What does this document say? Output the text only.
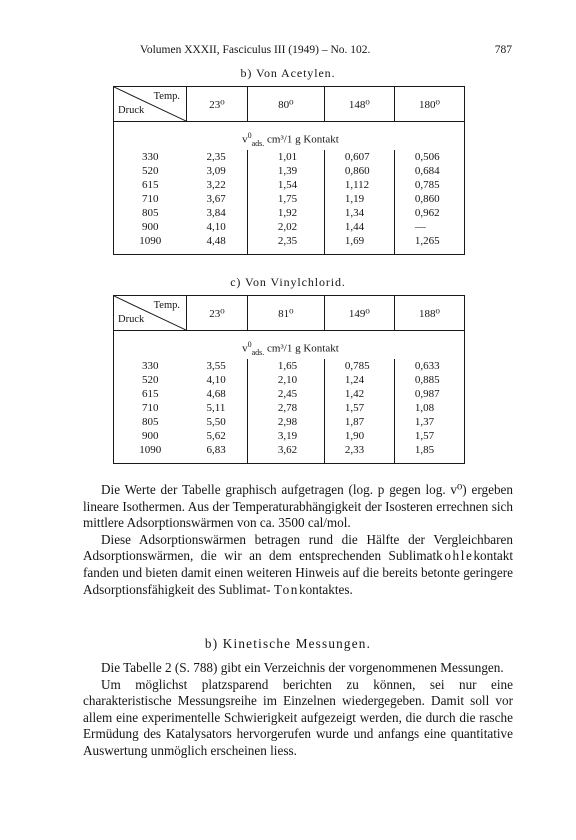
Volumen XXXII, Fasciculus III (1949) – No. 102.	787
b) Von Acetylen.
Temp.
Druck	23⁰	80⁰	148⁰	180⁰
	$v^0_{ads.}$ cm³/1 g Kontakt			
330	2,35	1,01	0,607	0,506
520	3,09	1,39	0,860	0,684
615	3,22	1,54	1,112	0,785
710	3,67	1,75	1,19	0,860
805	3,84	1,92	1,34	0,962
900	4,10	2,02	1,44	—
1090	4,48	2,35	1,69	1,265
c) Von Vinylchlorid.
Temp.
Druck	23⁰	81⁰	149⁰	188⁰
	$v^0_{ads.}$ cm³/1 g Kontakt			
330	3,55	1,65	0,785	0,633
520	4,10	2,10	1,24	0,885
615	4,68	2,45	1,42	0,987
710	5,11	2,78	1,57	1,08
805	5,50	2,98	1,87	1,37
900	5,62	3,19	1,90	1,57
1090	6,83	3,62	2,33	1,85

Die Werte der Tabelle graphisch aufgetragen (log. p gegen log. v⁰) ergeben lineare Isothermen. Aus der Temperaturabhängigkeit der Isosteren errechnen sich mittlere Adsorptionswärmen von ca. 3500 cal/mol.

Diese Adsorptionswärmen betragen rund die Hälfte der Vergleichbaren Adsorptionswärmen, die wir an dem entsprechenden Sublimatkohlekontakt fanden und bieten damit einen weiteren Hinweis auf die bereits betonte geringere Adsorptionsfähigkeit des Sublimat- Tonkontaktes.

b) Kinetische Messungen.

Die Tabelle 2 (S. 788) gibt ein Verzeichnis der vorgenommenen Messungen.

Um möglichst platzsparend berichten zu können, sei nur eine charakteristische Messungsreihe im Einzelnen wiedergegeben. Damit soll vor allem eine experimentelle Schwierigkeit aufgezeigt werden, die durch die rasche Ermüdung des Katalysators hervorgerufen wurde und anfangs eine quantitative Auswertung unmöglich erscheinen liess.
